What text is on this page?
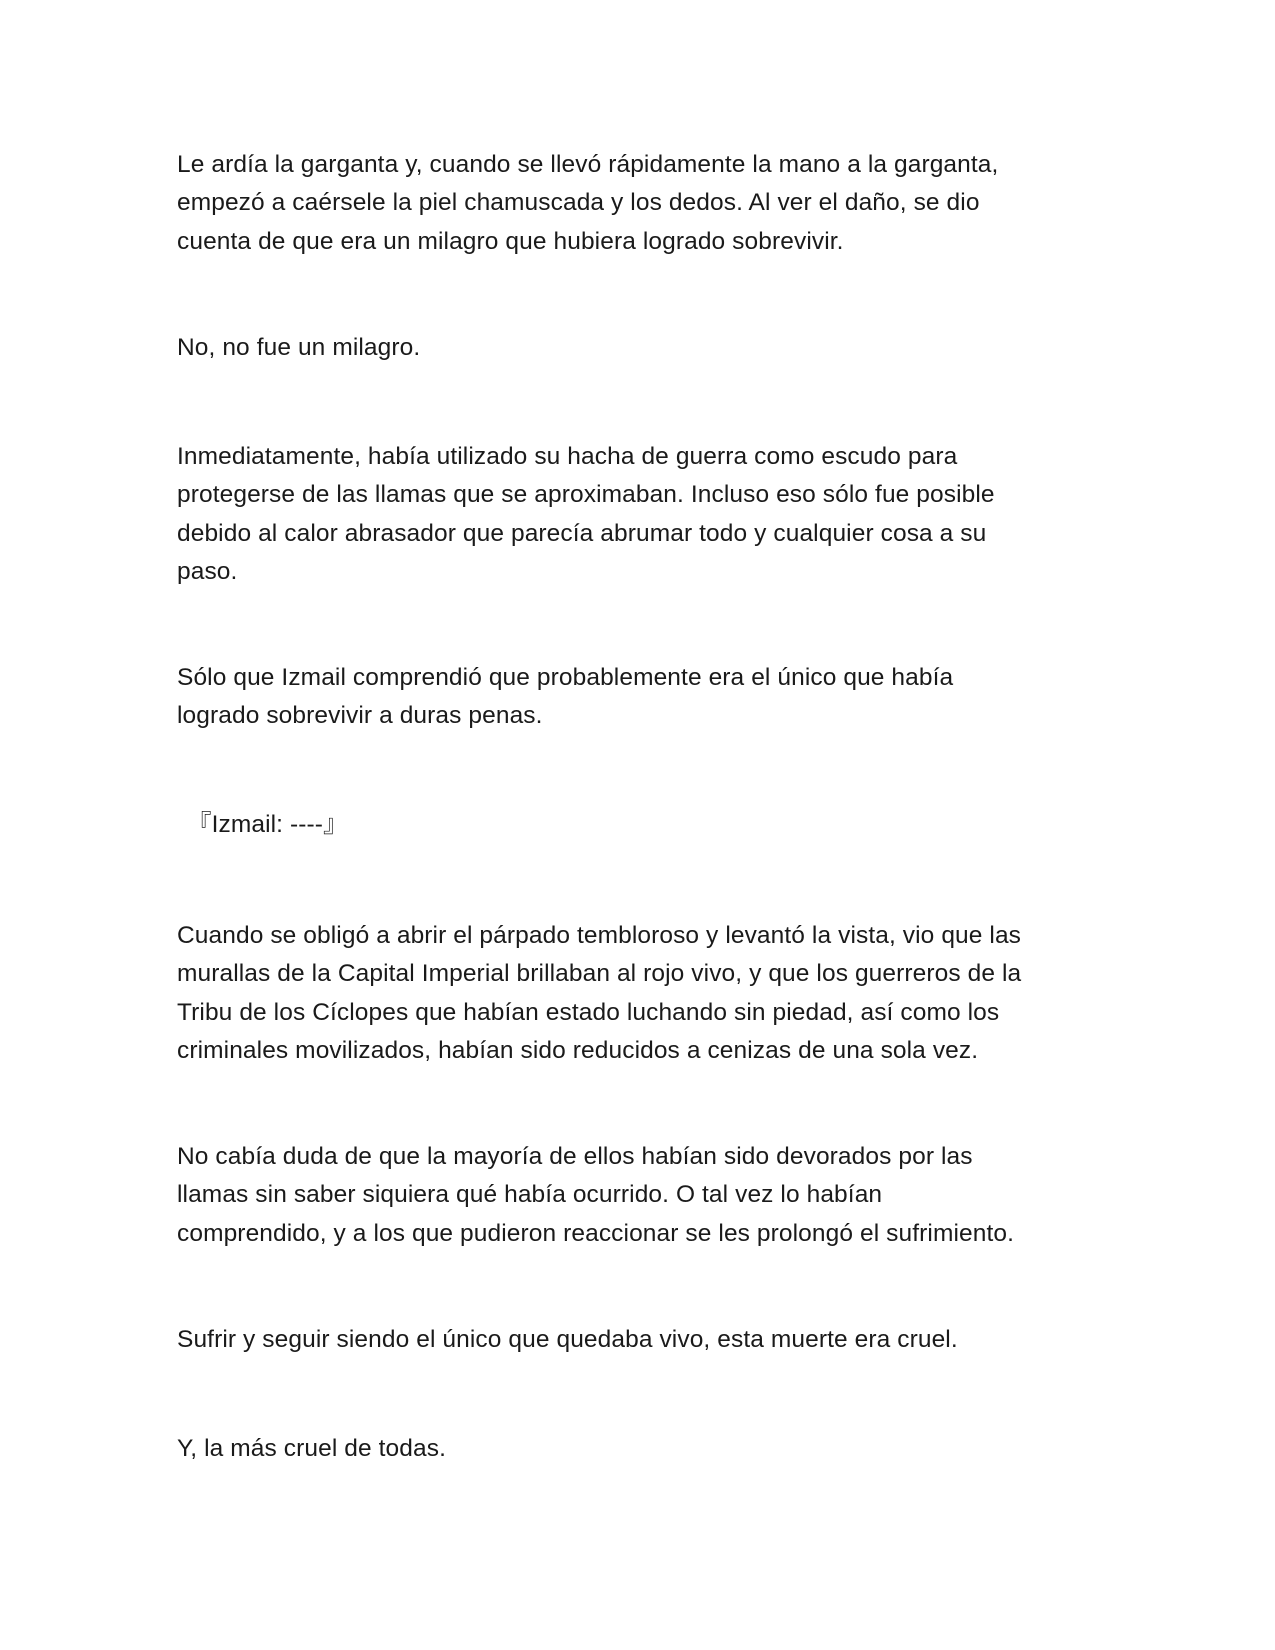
Le ardía la garganta y, cuando se llevó rápidamente la mano a la garganta,
empezó a caérsele la piel chamuscada y los dedos. Al ver el daño, se dio
cuenta de que era un milagro que hubiera logrado sobrevivir.

No, no fue un milagro.

Inmediatamente, había utilizado su hacha de guerra como escudo para
protegerse de las llamas que se aproximaban. Incluso eso sólo fue posible
debido al calor abrasador que parecía abrumar todo y cualquier cosa a su
paso.

Sólo que Izmail comprendió que probablemente era el único que había
logrado sobrevivir a duras penas.

『Izmail: ----』

Cuando se obligó a abrir el párpado tembloroso y levantó la vista, vio que las
murallas de la Capital Imperial brillaban al rojo vivo, y que los guerreros de la
Tribu de los Cíclopes que habían estado luchando sin piedad, así como los
criminales movilizados, habían sido reducidos a cenizas de una sola vez.

No cabía duda de que la mayoría de ellos habían sido devorados por las
llamas sin saber siquiera qué había ocurrido. O tal vez lo habían
comprendido, y a los que pudieron reaccionar se les prolongó el sufrimiento.

Sufrir y seguir siendo el único que quedaba vivo, esta muerte era cruel.

Y, la más cruel de todas.
